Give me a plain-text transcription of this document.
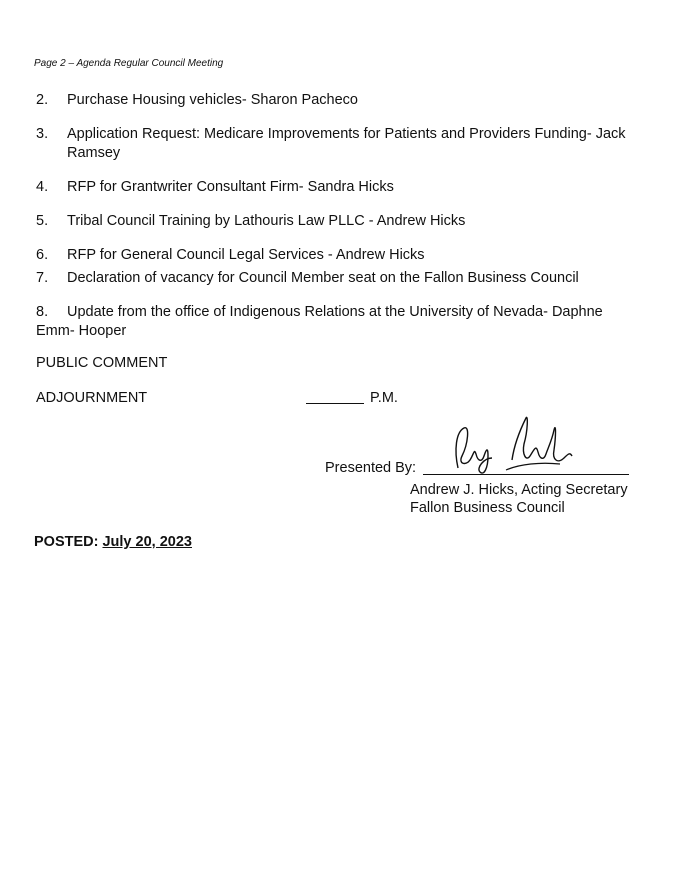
Page 2 – Agenda Regular Council Meeting
2. Purchase Housing vehicles- Sharon Pacheco
3. Application Request: Medicare Improvements for Patients and Providers Funding- Jack
Ramsey
4. RFP for Grantwriter Consultant Firm- Sandra Hicks
5. Tribal Council Training by Lathouris Law PLLC - Andrew Hicks
6. RFP for General Council Legal Services - Andrew Hicks
7. Declaration of vacancy for Council Member seat on the Fallon Business Council
8. Update from the office of Indigenous Relations at the University of Nevada- Daphne
Emm- Hooper
PUBLIC COMMENT
ADJOURNMENT	P.M.
Presented By:
Andrew J. Hicks, Acting Secretary
Fallon Business Council
POSTED: July 20, 2023
